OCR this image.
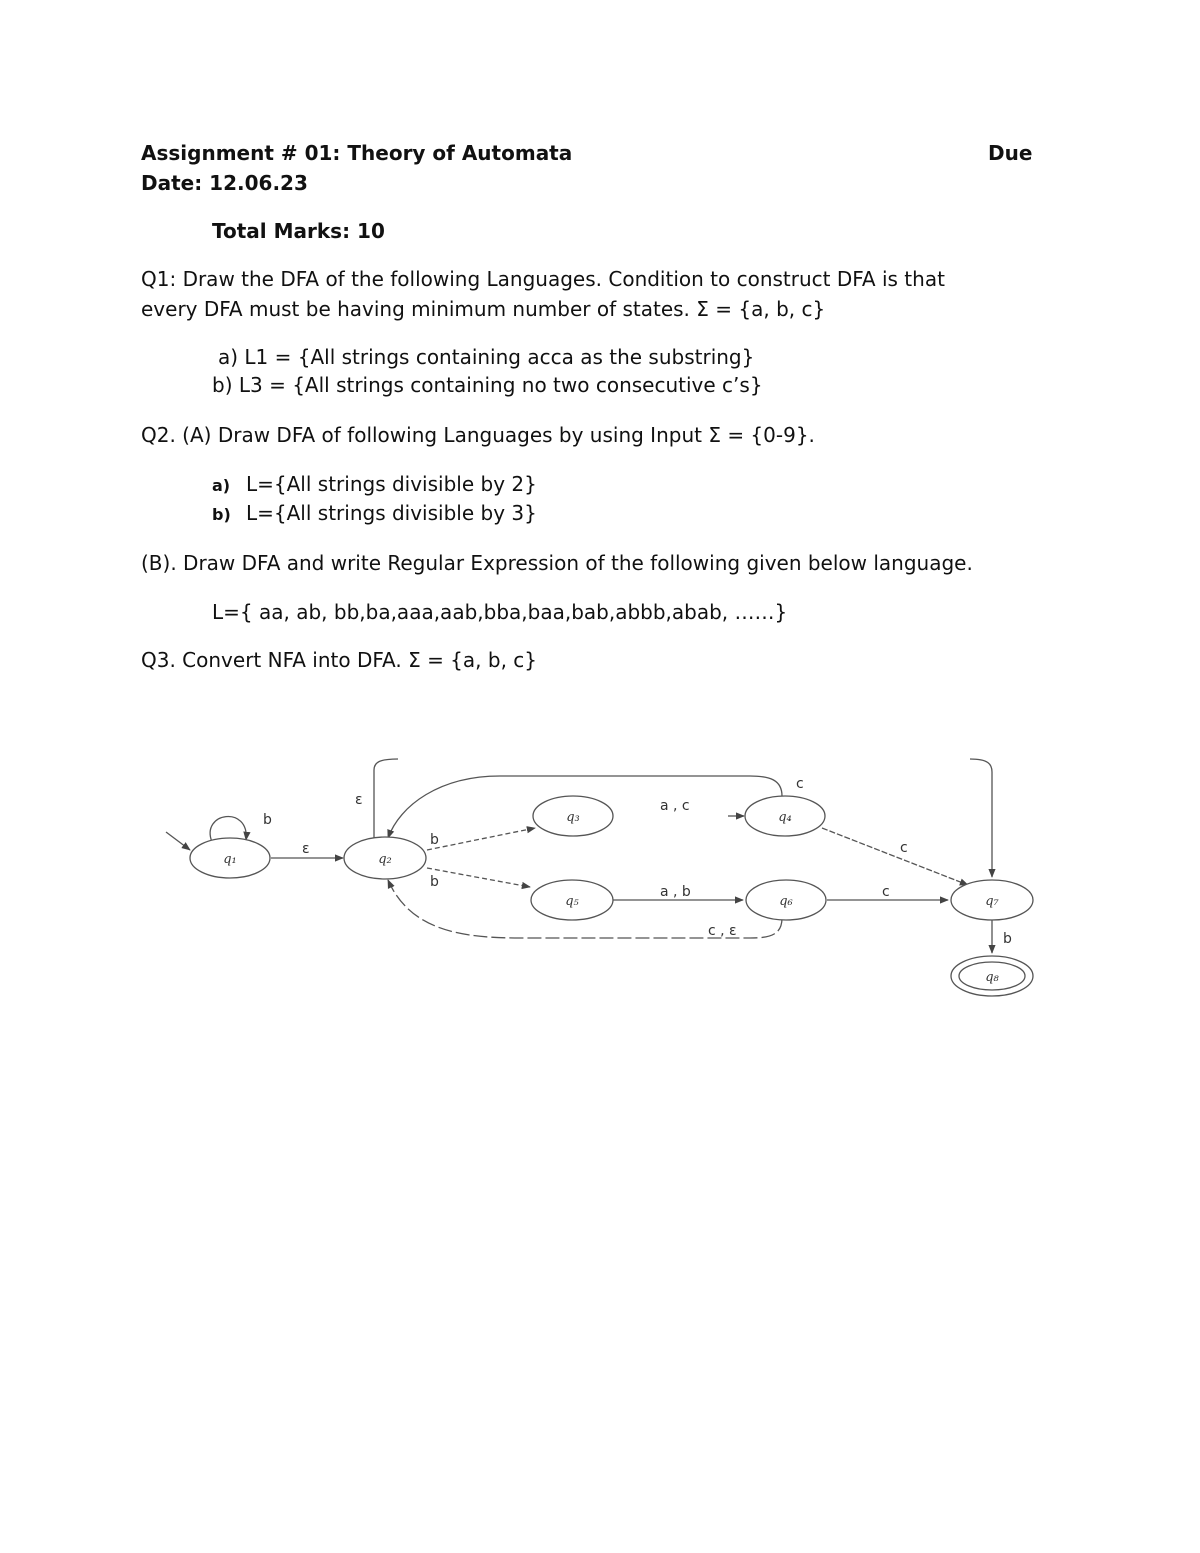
Assignment # 01: Theory of Automata	Due
Date: 12.06.23
Total Marks: 10
Q1: Draw the DFA of the following Languages. Condition to construct DFA is that
every DFA must be having minimum number of states. Σ = {a, b, c}
a) L1 = {All strings containing acca as the substring}
b) L3 = {All strings containing no two consecutive c’s}
Q2. (A) Draw DFA of following Languages by using Input Σ = {0-9}.
a) L={All strings divisible by 2}
b) L={All strings divisible by 3}
(B). Draw DFA and write Regular Expression of the following given below language.
L={ aa, ab, bb,ba,aaa,aab,bba,baa,bab,abbb,abab, ……}
Q3. Convert NFA into DFA. Σ = {a, b, c}
q₁	q₂
q₃	q₄
q₅	q₆	q₇
q₈
b
ε
b
b
a , c
c
c
a , b	c
c , ε
ε
b
